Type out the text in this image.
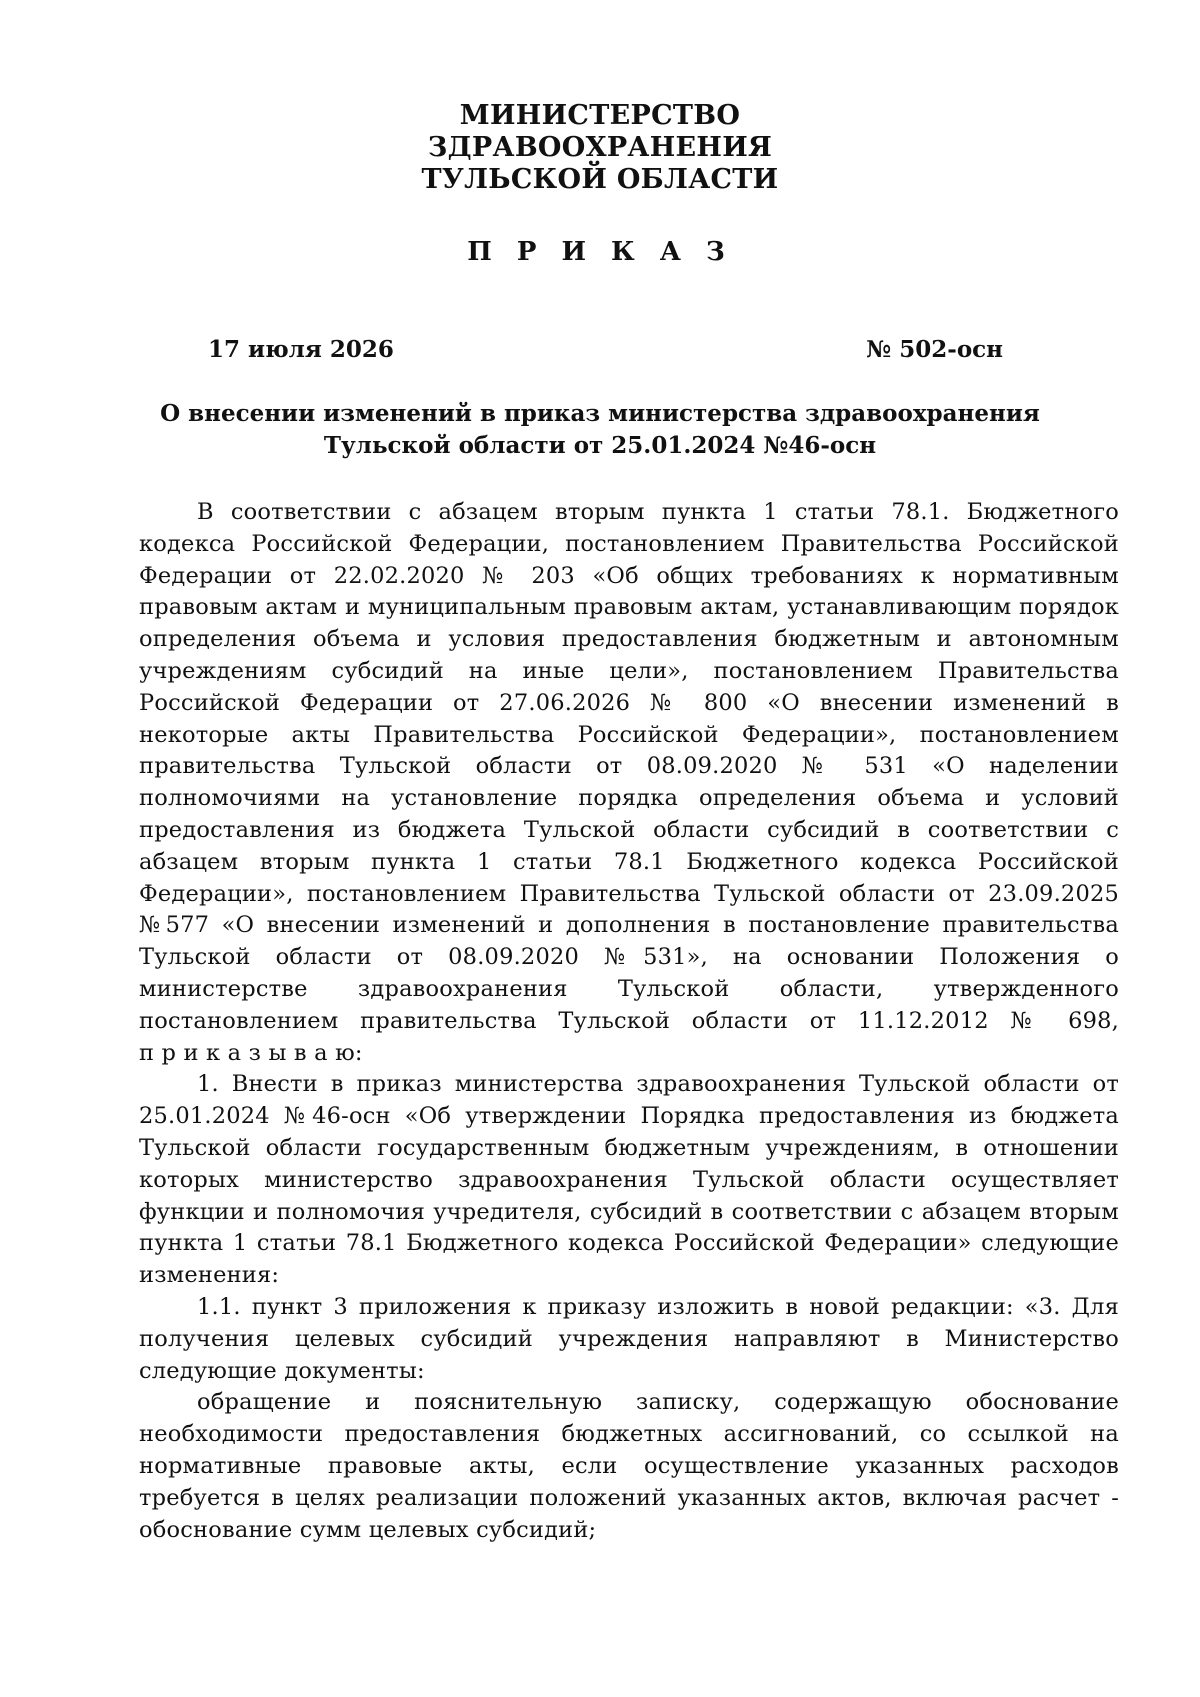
МИНИСТЕРСТВО
ЗДРАВООХРАНЕНИЯ
ТУЛЬСКОЙ ОБЛАСТИ
П Р И К А З
17 июля 2026	№ 502-осн
О внесении изменений в приказ министерства здравоохранения
Тульской области от 25.01.2024 №46-осн
В соответствии с абзацем вторым пункта 1 статьи 78.1. Бюджетного
кодекса Российской Федерации, постановлением Правительства Российской
Федерации от 22.02.2020 № 203 «Об общих требованиях к нормативным
правовым актам и муниципальным правовым актам, устанавливающим порядок
определения объема и условия предоставления бюджетным и автономным
учреждениям субсидий на иные цели», постановлением Правительства
Российской Федерации от 27.06.2026 № 800 «О внесении изменений в
некоторые акты Правительства Российской Федерации», постановлением
правительства Тульской области от 08.09.2020 № 531 «О наделении
полномочиями на установление порядка определения объема и условий
предоставления из бюджета Тульской области субсидий в соответствии с
абзацем вторым пункта 1 статьи 78.1 Бюджетного кодекса Российской
Федерации», постановлением Правительства Тульской области от 23.09.2025
№577 «О внесении изменений и дополнения в постановление правительства
Тульской области от 08.09.2020 №531», на основании Положения о
министерстве здравоохранения Тульской области, утвержденного
постановлением правительства Тульской области от 11.12.2012 № 698,
п р и к а з ы в а ю:
1. Внести в приказ министерства здравоохранения Тульской области от
25.01.2024 №46-осн «Об утверждении Порядка предоставления из бюджета
Тульской области государственным бюджетным учреждениям, в отношении
которых министерство здравоохранения Тульской области осуществляет
функции и полномочия учредителя, субсидий в соответствии с абзацем вторым
пункта 1 статьи 78.1 Бюджетного кодекса Российской Федерации» следующие
изменения:
1.1. пункт 3 приложения к приказу изложить в новой редакции: «3. Для
получения целевых субсидий учреждения направляют в Министерство
следующие документы:
обращение и пояснительную записку, содержащую обоснование
необходимости предоставления бюджетных ассигнований, со ссылкой на
нормативные правовые акты, если осуществление указанных расходов
требуется в целях реализации положений указанных актов, включая расчет -
обоснование сумм целевых субсидий;
